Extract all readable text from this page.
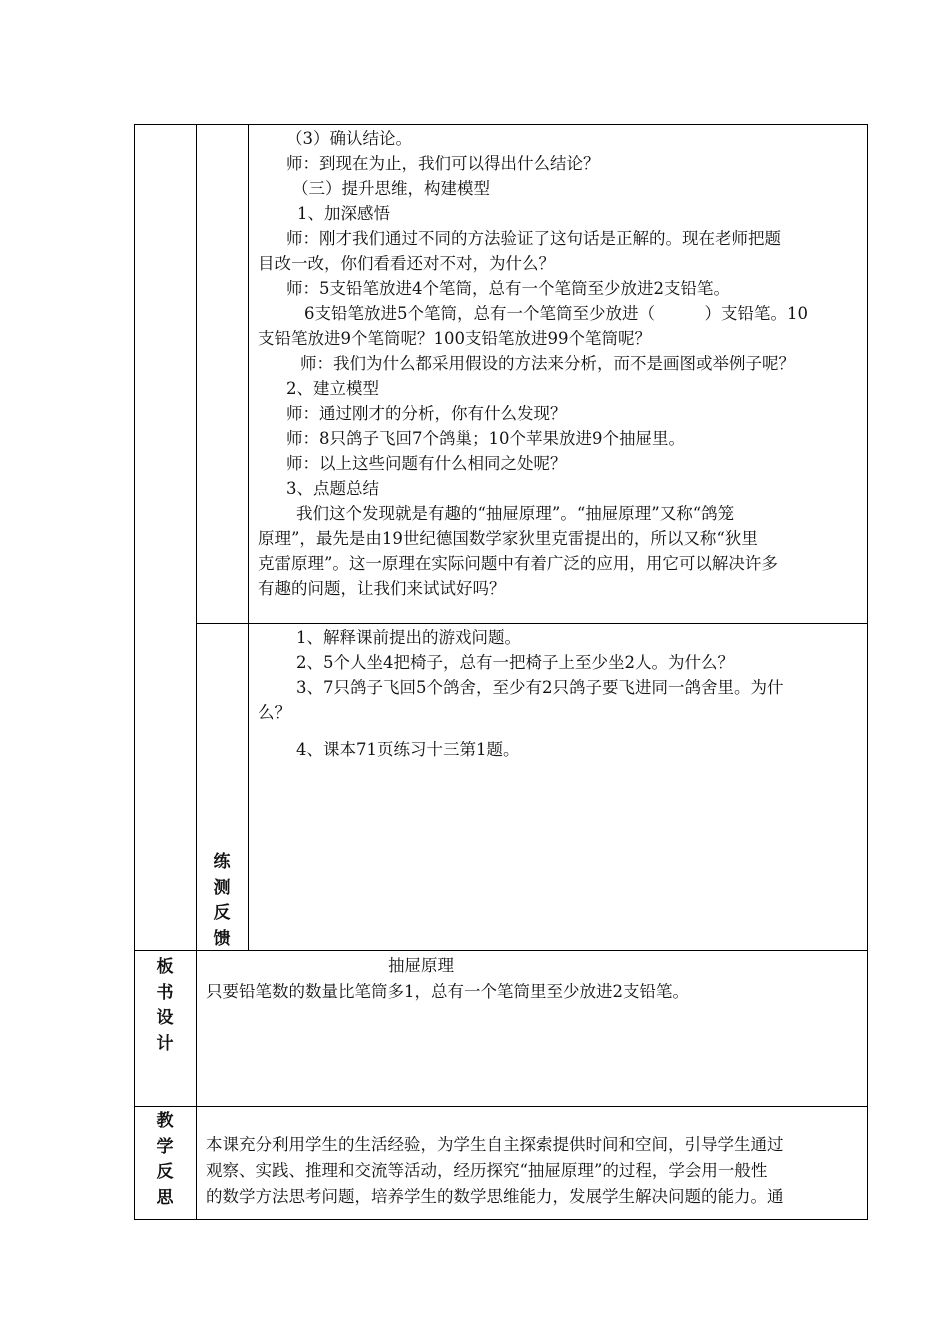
（3）确认结论。
师：到现在为止，我们可以得出什么结论？
（三）提升思维，构建模型
1、加深感悟
师：刚才我们通过不同的方法验证了这句话是正解的。现在老师把题
目改一改，你们看看还对不对，为什么？
师：5支铅笔放进4个笔筒，总有一个笔筒至少放进2支铅笔。
6支铅笔放进5个笔筒，总有一个笔筒至少放进（　　　）支铅笔。10
支铅笔放进9个笔筒呢？100支铅笔放进99个笔筒呢？
师：我们为什么都采用假设的方法来分析，而不是画图或举例子呢？
2、建立模型
师：通过刚才的分析，你有什么发现？
师：8只鸽子飞回7个鸽巢；10个苹果放进9个抽屉里。
师：以上这些问题有什么相同之处呢？
3、点题总结
我们这个发现就是有趣的“抽屉原理”。“抽屉原理”又称“鸽笼
原理”，最先是由19世纪德国数学家狄里克雷提出的，所以又称“狄里
克雷原理”。这一原理在实际问题中有着广泛的应用，用它可以解决许多
有趣的问题，让我们来试试好吗？
练
测
反
馈
1、解释课前提出的游戏问题。
2、5个人坐4把椅子，总有一把椅子上至少坐2人。为什么？
3、7只鸽子飞回5个鸽舍，至少有2只鸽子要飞进同一鸽舍里。为什
么？
4、课本71页练习十三第1题。
板
书
设
计
抽屉原理
只要铅笔数的数量比笔筒多1，总有一个笔筒里至少放进2支铅笔。
教
学
反
思
本课充分利用学生的生活经验，为学生自主探索提供时间和空间，引导学生通过
观察、实践、推理和交流等活动，经历探究“抽屉原理”的过程，学会用一般性
的数学方法思考问题，培养学生的数学思维能力，发展学生解决问题的能力。通
